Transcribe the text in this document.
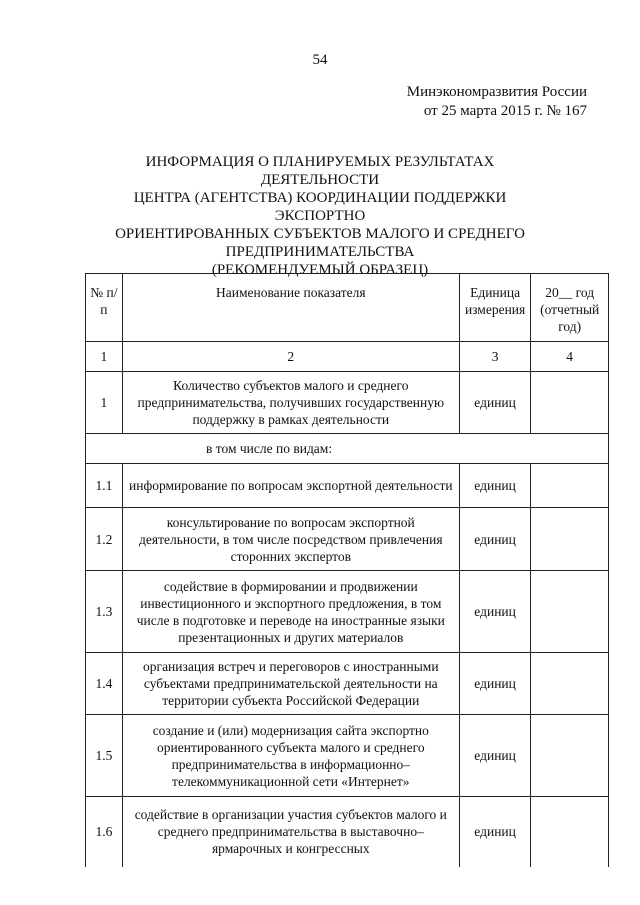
54
Минэкономразвития России
от 25 марта 2015 г. № 167
ИНФОРМАЦИЯ О ПЛАНИРУЕМЫХ РЕЗУЛЬТАТАХ ДЕЯТЕЛЬНОСТИ
ЦЕНТРА (АГЕНТСТВА) КООРДИНАЦИИ ПОДДЕРЖКИ ЭКСПОРТНО
ОРИЕНТИРОВАННЫХ СУБЪЕКТОВ МАЛОГО И СРЕДНЕГО
ПРЕДПРИНИМАТЕЛЬСТВА
(РЕКОМЕНДУЕМЫЙ ОБРАЗЕЦ)
№ п/п	Наименование показателя	Единица измерения	20__ год (отчетный год)
1	2	3	4
1	Количество субъектов малого и среднего предпринимательства, получивших государственную поддержку в рамках деятельности	единиц	
в том числе по видам:			
1.1	информирование по вопросам экспортной деятельности	единиц	
1.2	консультирование по вопросам экспортной деятельности, в том числе посредством привлечения сторонних экспертов	единиц	
1.3	содействие в формировании и продвижении инвестиционного и экспортного предложения, в том числе в подготовке и переводе на иностранные языки презентационных и других материалов	единиц	
1.4	организация встреч и переговоров с иностранными субъектами предпринимательской деятельности на территории субъекта Российской Федерации	единиц	
1.5	создание и (или) модернизация сайта экспортно ориентированного субъекта малого и среднего предпринимательства в информационно–телекоммуникационной сети «Интернет»	единиц	
1.6	содействие в организации участия субъектов малого и среднего предпринимательства в выставочно–ярмарочных и конгрессных	единиц	
